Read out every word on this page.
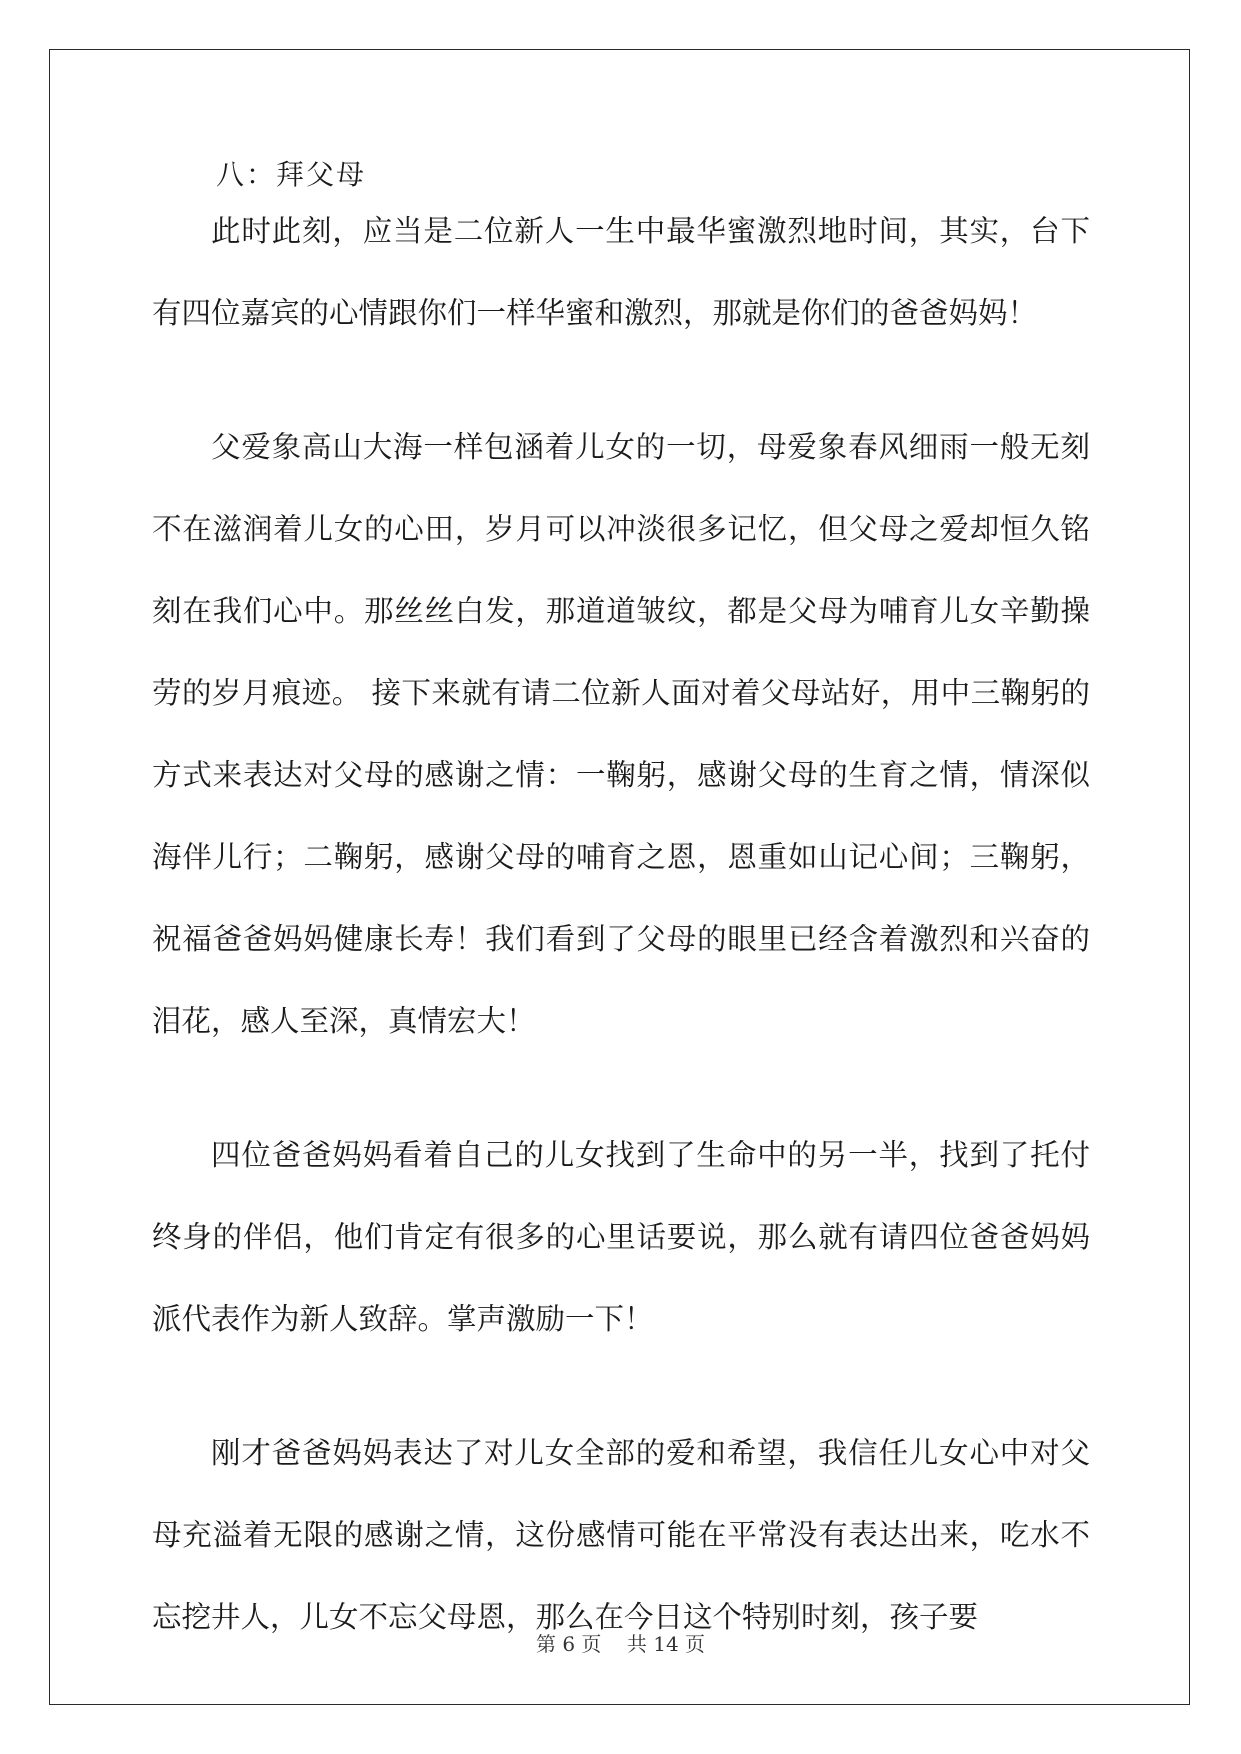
八：拜父母

此时此刻，应当是二位新人一生中最华蜜激烈地时间，其实，台下有四位嘉宾的心情跟你们一样华蜜和激烈，那就是你们的爸爸妈妈！

父爱象高山大海一样包涵着儿女的一切，母爱象春风细雨一般无刻不在滋润着儿女的心田，岁月可以冲淡很多记忆，但父母之爱却恒久铭刻在我们心中。那丝丝白发，那道道皱纹，都是父母为哺育儿女辛勤操劳的岁月痕迹。 接下来就有请二位新人面对着父母站好，用中三鞠躬的方式来表达对父母的感谢之情：一鞠躬，感谢父母的生育之情，情深似海伴儿行；二鞠躬，感谢父母的哺育之恩，恩重如山记心间；三鞠躬，祝福爸爸妈妈健康长寿！我们看到了父母的眼里已经含着激烈和兴奋的泪花，感人至深，真情宏大！

四位爸爸妈妈看着自己的儿女找到了生命中的另一半，找到了托付终身的伴侣，他们肯定有很多的心里话要说，那么就有请四位爸爸妈妈派代表作为新人致辞。掌声激励一下！

刚才爸爸妈妈表达了对儿女全部的爱和希望，我信任儿女心中对父母充溢着无限的感谢之情，这份感情可能在平常没有表达出来，吃水不忘挖井人，儿女不忘父母恩，那么在今日这个特别时刻，孩子要

第 6 页 共 14 页
